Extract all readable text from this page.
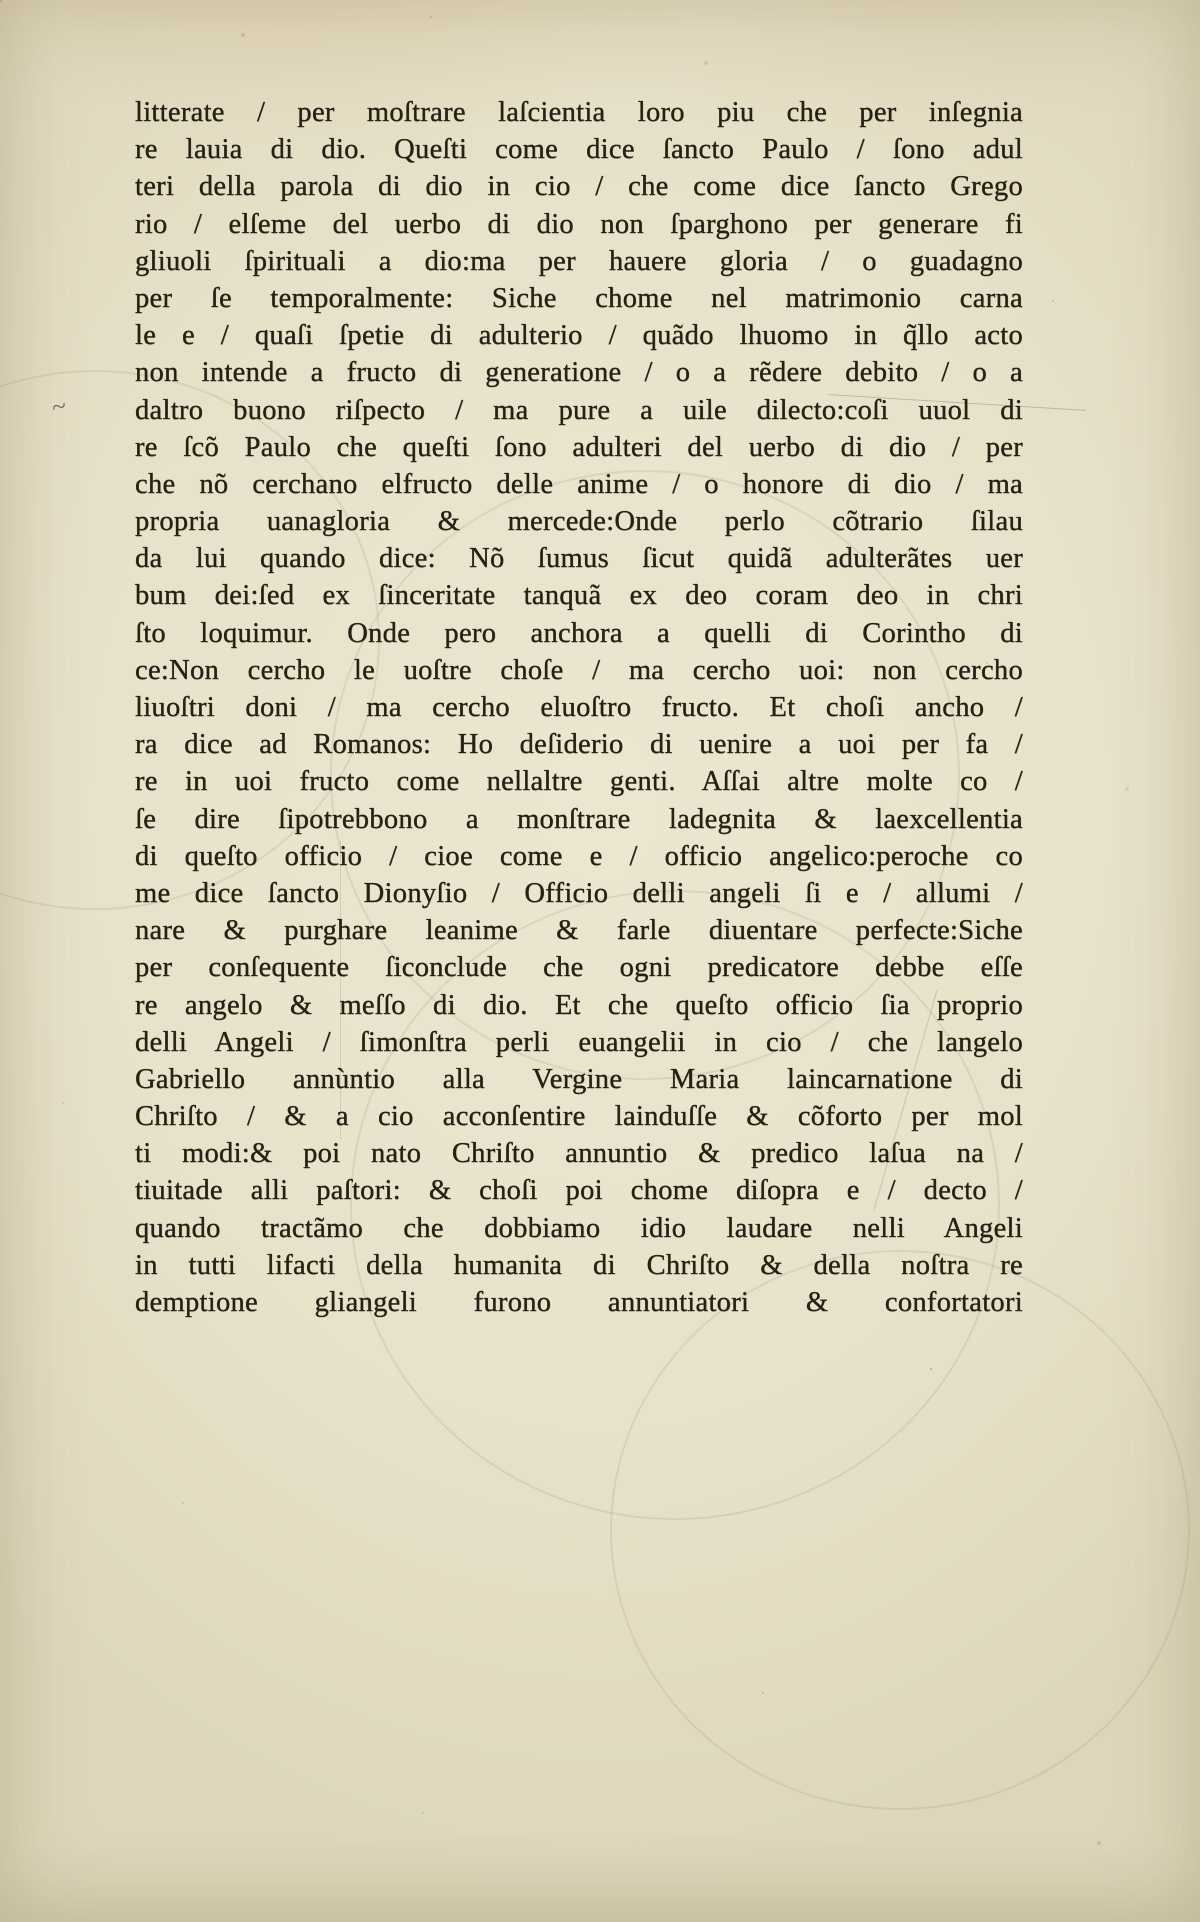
~
litterate / per moſtrare laſcientia loro piu che per inſegnia
re lauia di dio. Queſti come dice ſancto Paulo / ſono adul
teri della parola di dio in cio / che come dice ſancto Grego
rio / elſeme del uerbo di dio non ſparghono per generare fi
gliuoli ſpirituali a dio:ma per hauere gloria / o guadagno
per ſe temporalmente: Siche chome nel matrimonio carna
le e / quaſi ſpetie di adulterio / quãdo lhuomo in q̃llo acto
non intende a fructo di generatione / o a rẽdere debito / o a
daltro buono riſpecto / ma pure a uile dilecto:coſi uuol di
re ſcõ Paulo che queſti ſono adulteri del uerbo di dio / per
che nõ cerchano elfructo delle anime / o honore di dio / ma
propria uanagloria & mercede:Onde perlo cõtrario ſilau
da lui quando dice: Nõ ſumus ſicut quidã adulterãtes uer
bum dei:ſed ex ſinceritate tanquã ex deo coram deo in chri
ſto loquimur. Onde pero anchora a quelli di Corintho di
ce:Non cercho le uoſtre choſe / ma cercho uoi: non cercho
liuoſtri doni / ma cercho eluoſtro fructo. Et choſi ancho /
ra dice ad Romanos: Ho deſiderio di uenire a uoi per fa /
re in uoi fructo come nellaltre genti. Aſſai altre molte co /
ſe dire ſipotrebbono a monſtrare ladegnita & laexcellentia
di queſto officio / cioe come e / officio angelico:peroche co
me dice ſancto Dionyſio / Officio delli angeli ſi e / allumi /
nare & purghare leanime & farle diuentare perfecte:Siche
per conſequente ſiconclude che ogni predicatore debbe eſſe
re angelo & meſſo di dio. Et che queſto officio ſia proprio
delli Angeli / ſimonſtra perli euangelii in cio / che langelo
Gabriello annùntio alla Vergine Maria laincarnatione di
Chriſto / & a cio acconſentire lainduſſe & cõforto per mol
ti modi:& poi nato Chriſto annuntio & predico laſua na /
tiuitade alli paſtori: & choſi poi chome diſopra e / decto /
quando tractãmo che dobbiamo idio laudare nelli Angeli
in tutti lifacti della humanita di Chriſto & della noſtra re
demptione gliangeli furono annuntiatori & confortatori
